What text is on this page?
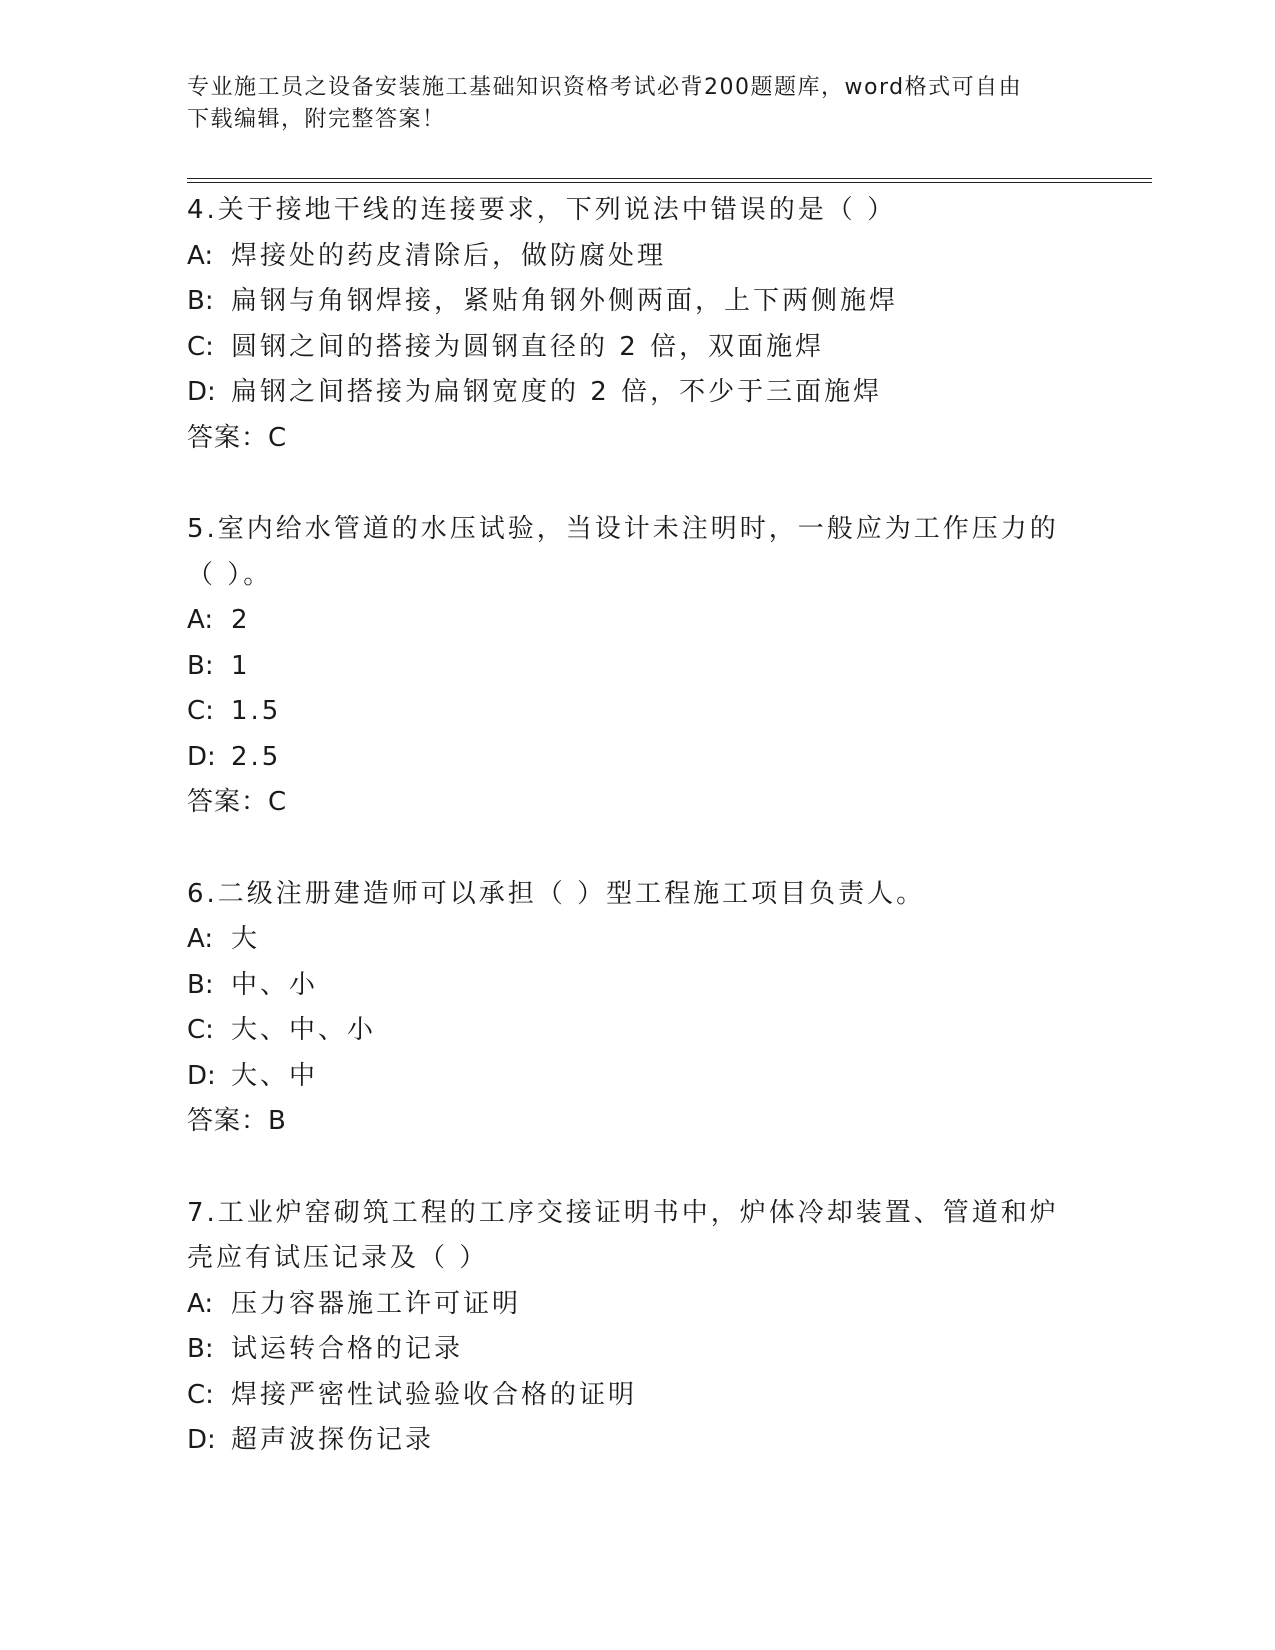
专业施工员之设备安装施工基础知识资格考试必背200题题库，word格式可自由
下载编辑，附完整答案！
4.关于接地干线的连接要求，下列说法中错误的是（ ）
A: 焊接处的药皮清除后，做防腐处理
B: 扁钢与角钢焊接，紧贴角钢外侧两面，上下两侧施焊
C: 圆钢之间的搭接为圆钢直径的 2 倍，双面施焊
D: 扁钢之间搭接为扁钢宽度的 2 倍，不少于三面施焊
答案：C
5.室内给水管道的水压试验，当设计未注明时，一般应为工作压力的
（ ）。
A: 2
B: 1
C: 1.5
D: 2.5
答案：C
6.二级注册建造师可以承担（ ）型工程施工项目负责人。
A: 大
B: 中、小
C: 大、中、小
D: 大、中
答案：B
7.工业炉窑砌筑工程的工序交接证明书中，炉体冷却装置、管道和炉
壳应有试压记录及（ ）
A: 压力容器施工许可证明
B: 试运转合格的记录
C: 焊接严密性试验验收合格的证明
D: 超声波探伤记录
